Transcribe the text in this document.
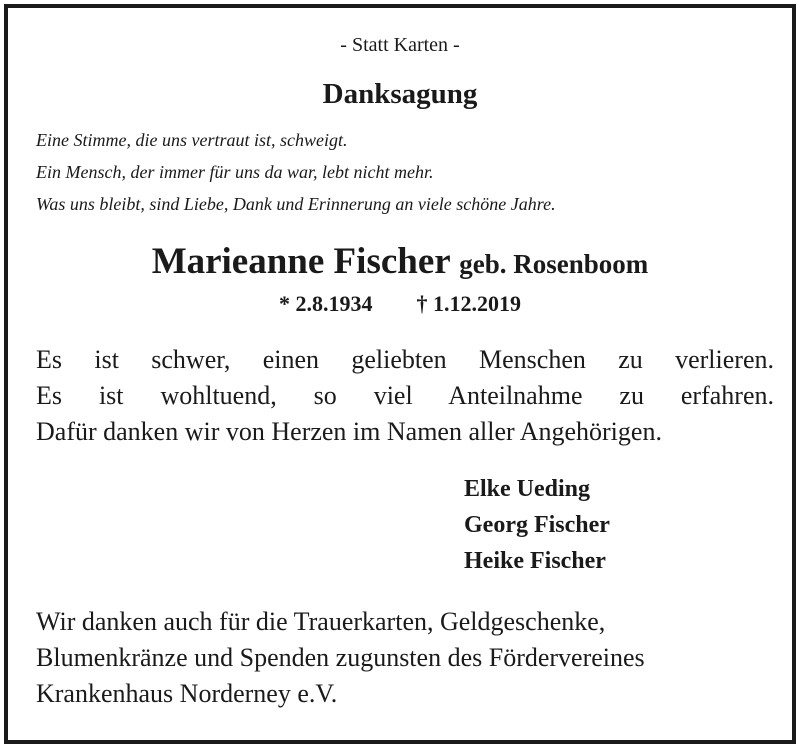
- Statt Karten -
Danksagung
Eine Stimme, die uns vertraut ist, schweigt.
Ein Mensch, der immer für uns da war, lebt nicht mehr.
Was uns bleibt, sind Liebe, Dank und Erinnerung an viele schöne Jahre.
Marieanne Fischer geb. Rosenboom
* 2.8.1934 † 1.12.2019
Es ist schwer, einen geliebten Menschen zu verlieren.
Es ist wohltuend, so viel Anteilnahme zu erfahren.
Dafür danken wir von Herzen im Namen aller Angehörigen.
Elke Ueding
Georg Fischer
Heike Fischer
Wir danken auch für die Trauerkarten, Geldgeschenke,
Blumenkränze und Spenden zugunsten des Fördervereines
Krankenhaus Norderney e.V.
